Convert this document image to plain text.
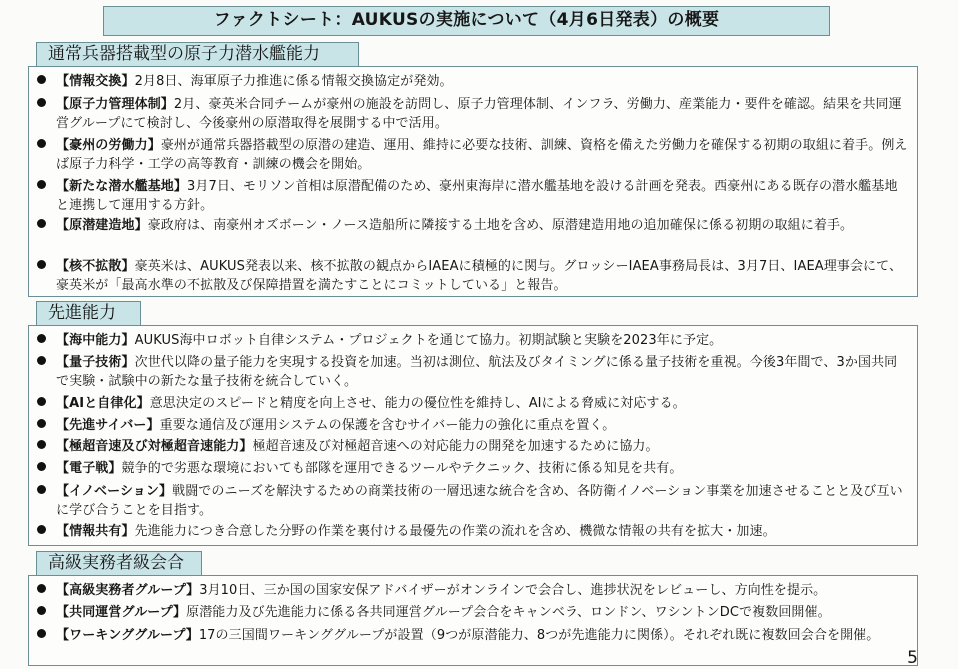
ファクトシート：AUKUSの実施について（4月6日発表）の概要
通常兵器搭載型の原子力潜水艦能力
【情報交換】2月8日、海軍原子力推進に係る情報交換協定が発効。
【原子力管理体制】2月、豪英米合同チームが豪州の施設を訪問し、原子力管理体制、インフラ、労働力、産業能力・要件を確認。結果を共同運営グループにて検討し、今後豪州の原潜取得を展開する中で活用。
【豪州の労働力】豪州が通常兵器搭載型の原潜の建造、運用、維持に必要な技術、訓練、資格を備えた労働力を確保する初期の取組に着手。例えば原子力科学・工学の高等教育・訓練の機会を開始。
【新たな潜水艦基地】3月7日、モリソン首相は原潜配備のため、豪州東海岸に潜水艦基地を設ける計画を発表。西豪州にある既存の潜水艦基地と連携して運用する方針。
【原潜建造地】豪政府は、南豪州オズボーン・ノース造船所に隣接する土地を含め、原潜建造用地の追加確保に係る初期の取組に着手。
【核不拡散】豪英米は、AUKUS発表以来、核不拡散の観点からIAEAに積極的に関与。グロッシーIAEA事務局長は、3月7日、IAEA理事会にて、豪英米が「最高水準の不拡散及び保障措置を満たすことにコミットしている」と報告。
先進能力
【海中能力】AUKUS海中ロボット自律システム・プロジェクトを通じて協力。初期試験と実験を2023年に予定。
【量子技術】次世代以降の量子能力を実現する投資を加速。当初は測位、航法及びタイミングに係る量子技術を重視。今後3年間で、3か国共同で実験・試験中の新たな量子技術を統合していく。
【AIと自律化】意思決定のスピードと精度を向上させ、能力の優位性を維持し、AIによる脅威に対応する。
【先進サイバー】重要な通信及び運用システムの保護を含むサイバー能力の強化に重点を置く。
【極超音速及び対極超音速能力】極超音速及び対極超音速への対応能力の開発を加速するために協力。
【電子戦】競争的で劣悪な環境においても部隊を運用できるツールやテクニック、技術に係る知見を共有。
【イノベーション】戦闘でのニーズを解決するための商業技術の一層迅速な統合を含め、各防衛イノベーション事業を加速させることと及び互いに学び合うことを目指す。
【情報共有】先進能力につき合意した分野の作業を裏付ける最優先の作業の流れを含め、機微な情報の共有を拡大・加速。
高級実務者級会合
【高級実務者グループ】3月10日、三か国の国家安保アドバイザーがオンラインで会合し、進捗状況をレビューし、方向性を提示。
【共同運営グループ】原潜能力及び先進能力に係る各共同運営グループ会合をキャンベラ、ロンドン、ワシントンDCで複数回開催。
【ワーキンググループ】17の三国間ワーキンググループが設置（9つが原潜能力、8つが先進能力に関係）。それぞれ既に複数回会合を開催。
5
